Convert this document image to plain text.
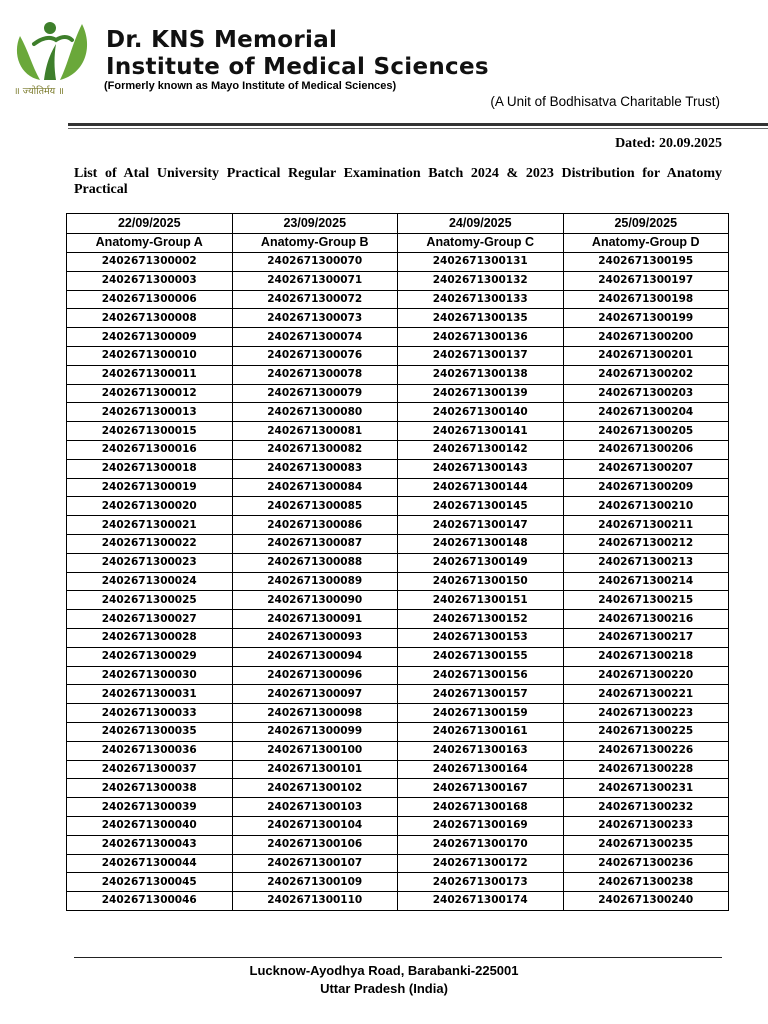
॥ ज्योतिर्मय ॥
Dr. KNS Memorial
Institute of Medical Sciences
(Formerly known as Mayo Institute of Medical Sciences)
(A Unit of Bodhisatva Charitable Trust)
Dated: 20.09.2025
List of Atal University Practical Regular Examination Batch 2024 & 2023 Distribution for Anatomy Practical
22/09/2025	23/09/2025	24/09/2025	25/09/2025
Anatomy-Group A	Anatomy-Group B	Anatomy-Group C	Anatomy-Group D
2402671300002	2402671300070	2402671300131	2402671300195
2402671300003	2402671300071	2402671300132	2402671300197
2402671300006	2402671300072	2402671300133	2402671300198
2402671300008	2402671300073	2402671300135	2402671300199
2402671300009	2402671300074	2402671300136	2402671300200
2402671300010	2402671300076	2402671300137	2402671300201
2402671300011	2402671300078	2402671300138	2402671300202
2402671300012	2402671300079	2402671300139	2402671300203
2402671300013	2402671300080	2402671300140	2402671300204
2402671300015	2402671300081	2402671300141	2402671300205
2402671300016	2402671300082	2402671300142	2402671300206
2402671300018	2402671300083	2402671300143	2402671300207
2402671300019	2402671300084	2402671300144	2402671300209
2402671300020	2402671300085	2402671300145	2402671300210
2402671300021	2402671300086	2402671300147	2402671300211
2402671300022	2402671300087	2402671300148	2402671300212
2402671300023	2402671300088	2402671300149	2402671300213
2402671300024	2402671300089	2402671300150	2402671300214
2402671300025	2402671300090	2402671300151	2402671300215
2402671300027	2402671300091	2402671300152	2402671300216
2402671300028	2402671300093	2402671300153	2402671300217
2402671300029	2402671300094	2402671300155	2402671300218
2402671300030	2402671300096	2402671300156	2402671300220
2402671300031	2402671300097	2402671300157	2402671300221
2402671300033	2402671300098	2402671300159	2402671300223
2402671300035	2402671300099	2402671300161	2402671300225
2402671300036	2402671300100	2402671300163	2402671300226
2402671300037	2402671300101	2402671300164	2402671300228
2402671300038	2402671300102	2402671300167	2402671300231
2402671300039	2402671300103	2402671300168	2402671300232
2402671300040	2402671300104	2402671300169	2402671300233
2402671300043	2402671300106	2402671300170	2402671300235
2402671300044	2402671300107	2402671300172	2402671300236
2402671300045	2402671300109	2402671300173	2402671300238
2402671300046	2402671300110	2402671300174	2402671300240
Lucknow-Ayodhya Road, Barabanki-225001
Uttar Pradesh (India)
